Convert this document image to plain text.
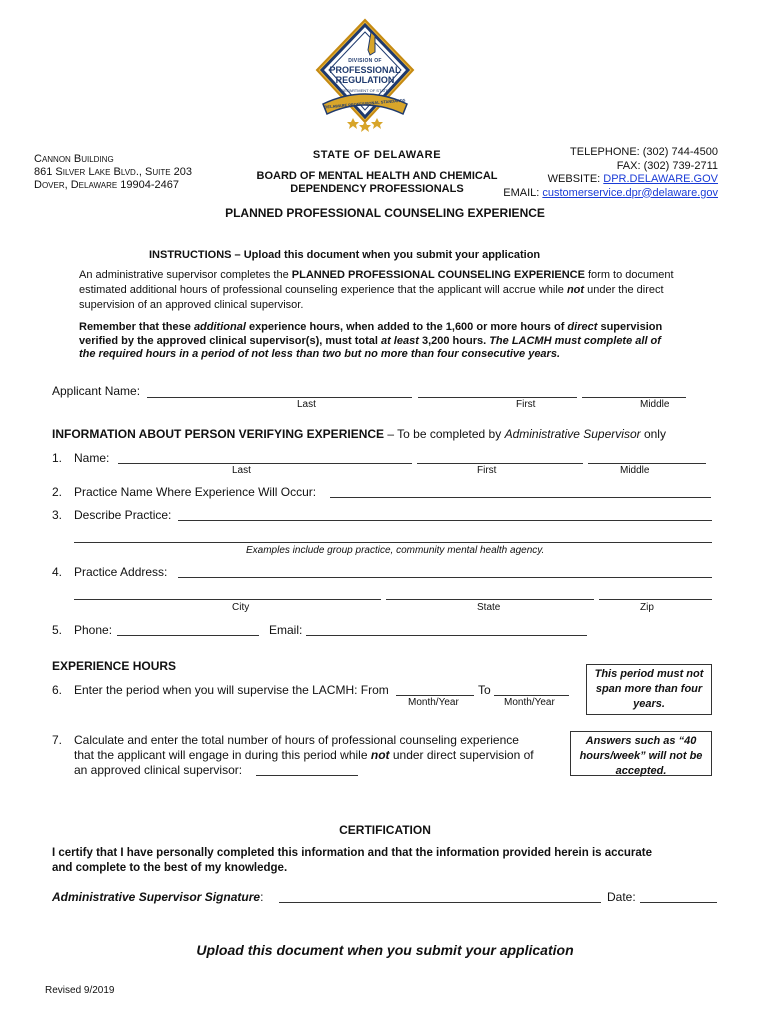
DIVISION OF
PROFESSIONAL
REGULATION
DEPARTMENT OF STATE
DELAWARE PROFESSIONAL STANDARDS
Cannon Building
861 Silver Lake Blvd., Suite 203
Dover, Delaware 19904-2467
STATE OF DELAWARE
BOARD OF MENTAL HEALTH AND CHEMICAL
DEPENDENCY PROFESSIONALS
TELEPHONE: (302) 744-4500
FAX: (302) 739-2711
WEBSITE: DPR.DELAWARE.GOV
EMAIL: customerservice.dpr@delaware.gov
PLANNED PROFESSIONAL COUNSELING EXPERIENCE
INSTRUCTIONS – Upload this document when you submit your application
An administrative supervisor completes the PLANNED PROFESSIONAL COUNSELING EXPERIENCE form to document
estimated additional hours of professional counseling experience that the applicant will accrue while not under the direct
supervision of an approved clinical supervisor.
Remember that these additional experience hours, when added to the 1,600 or more hours of direct supervision
verified by the approved clinical supervisor(s), must total at least 3,200 hours. The LACMH must complete all of
the required hours in a period of not less than two but no more than four consecutive years.
Applicant Name:
Last	First	Middle
INFORMATION ABOUT PERSON VERIFYING EXPERIENCE – To be completed by Administrative Supervisor only
1. Name:
Last	First	Middle
2. Practice Name Where Experience Will Occur:
3. Describe Practice:
Examples include group practice, community mental health agency.
4. Practice Address:
City	State	Zip
5. Phone:	Email:
EXPERIENCE HOURS
6. Enter the period when you will supervise the LACMH: From	To
Month/Year	Month/Year
This period must not span more than four years.
7. Calculate and enter the total number of hours of professional counseling experience
that the applicant will engage in during this period while not under direct supervision of
an approved clinical supervisor:
Answers such as “40 hours/week” will not be accepted.
CERTIFICATION
I certify that I have personally completed this information and that the information provided herein is accurate
and complete to the best of my knowledge.
Administrative Supervisor Signature:	Date:
Upload this document when you submit your application
Revised 9/2019
